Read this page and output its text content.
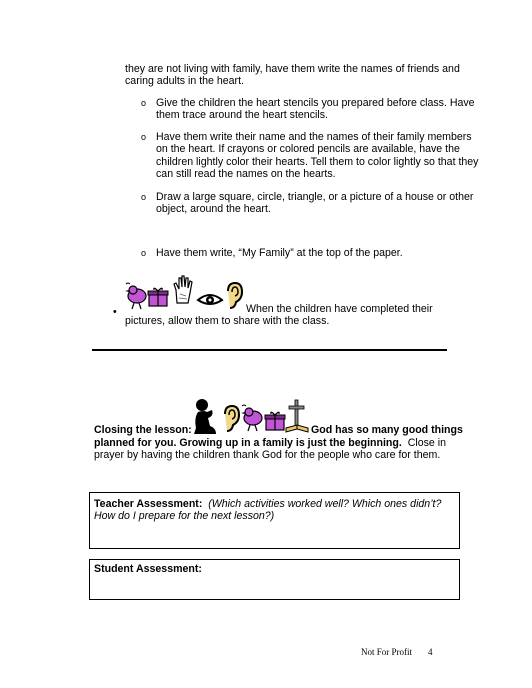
they are not living with family, have them write the names of friends and caring adults in the heart.
o Give the children the heart stencils you prepared before class. Have them trace around the heart stencils.
o Have them write their name and the names of their family members on the heart. If crayons or colored pencils are available, have the children lightly color their hearts. Tell them to color lightly so that they can still read the names on the hearts.
o Draw a large square, circle, triangle, or a picture of a house or other object, around the heart.
o Have them write, “My Family” at the top of the paper.
•	When the children have completed their
pictures, allow them to share with the class.
Closing the lesson:	God has so many good things
planned for you. Growing up in a family is just the beginning. Close in
prayer by having the children thank God for the people who care for them.
Teacher Assessment: (Which activities worked well? Which ones didn’t?
How do I prepare for the next lesson?)
Student Assessment:
Not For Profit 4
